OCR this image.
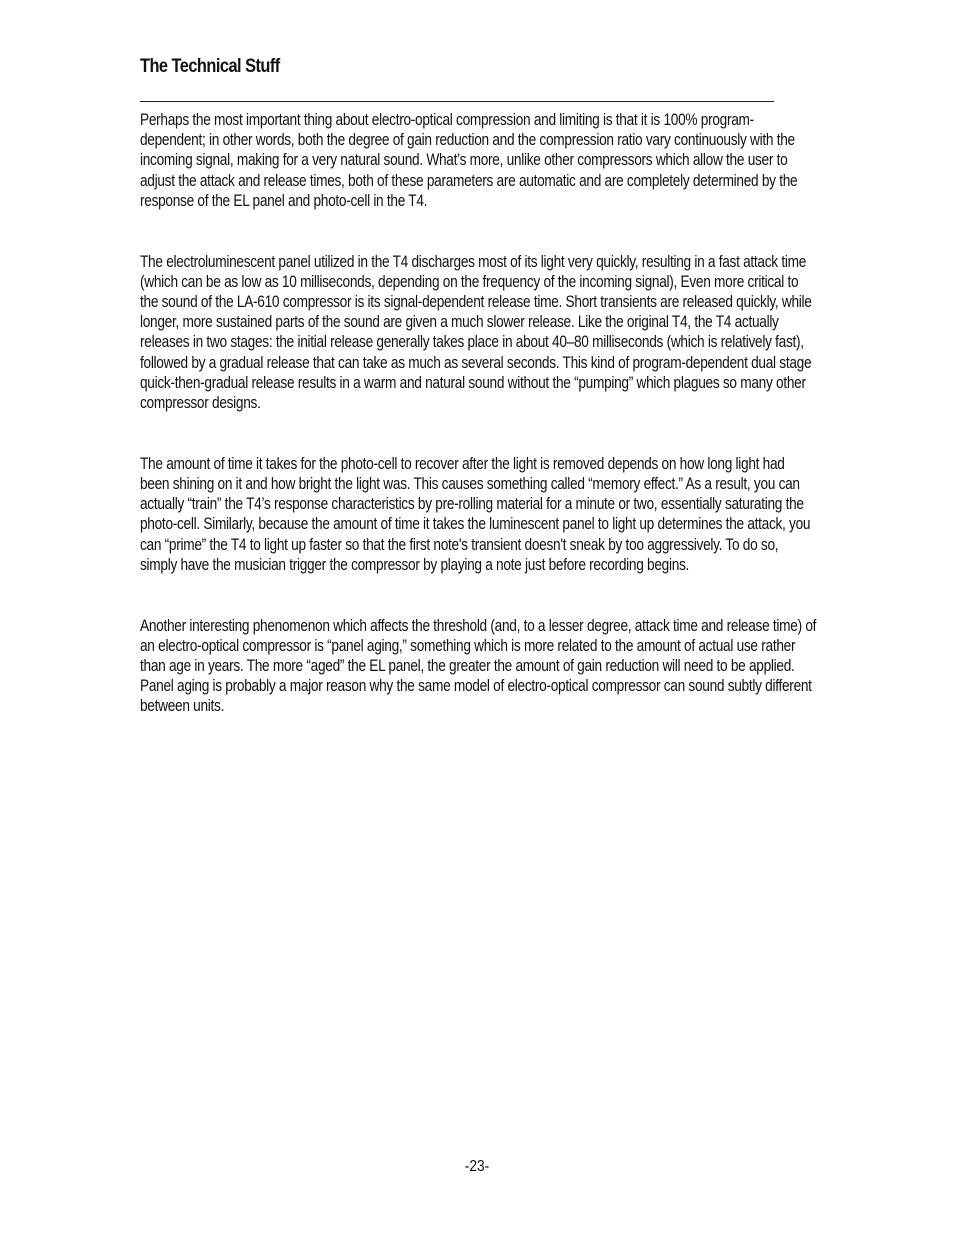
The Technical Stuff

Perhaps the most important thing about electro-optical compression and limiting is that it is 100% program-dependent; in other words, both the degree of gain reduction and the compression ratio vary continuously with the incoming signal, making for a very natural sound. What’s more, unlike other compressors which allow the user to adjust the attack and release times, both of these parameters are automatic and are completely determined by the response of the EL panel and photo-cell in the T4.

The electroluminescent panel utilized in the T4 discharges most of its light very quickly, resulting in a fast attack time (which can be as low as 10 milliseconds, depending on the frequency of the incoming signal), Even more critical to the sound of the LA-610 compressor is its signal-dependent release time. Short transients are released quickly, while longer, more sustained parts of the sound are given a much slower release. Like the original T4, the T4 actually releases in two stages: the initial release generally takes place in about 40–80 milliseconds (which is relatively fast), followed by a gradual release that can take as much as several seconds. This kind of program-dependent dual stage quick-then-gradual release results in a warm and natural sound without the “pumping” which plagues so many other compressor designs.

The amount of time it takes for the photo-cell to recover after the light is removed depends on how long light had been shining on it and how bright the light was. This causes something called “memory effect.” As a result, you can actually “train” the T4’s response characteristics by pre-rolling material for a minute or two, essentially saturating the photo-cell. Similarly, because the amount of time it takes the luminescent panel to light up determines the attack, you can “prime” the T4 to light up faster so that the first note's transient doesn't sneak by too aggressively. To do so, simply have the musician trigger the compressor by playing a note just before recording begins.

Another interesting phenomenon which affects the threshold (and, to a lesser degree, attack time and release time) of an electro-optical compressor is “panel aging,” something which is more related to the amount of actual use rather than age in years. The more “aged” the EL panel, the greater the amount of gain reduction will need to be applied. Panel aging is probably a major reason why the same model of electro-optical compressor can sound subtly different between units.

-23-
